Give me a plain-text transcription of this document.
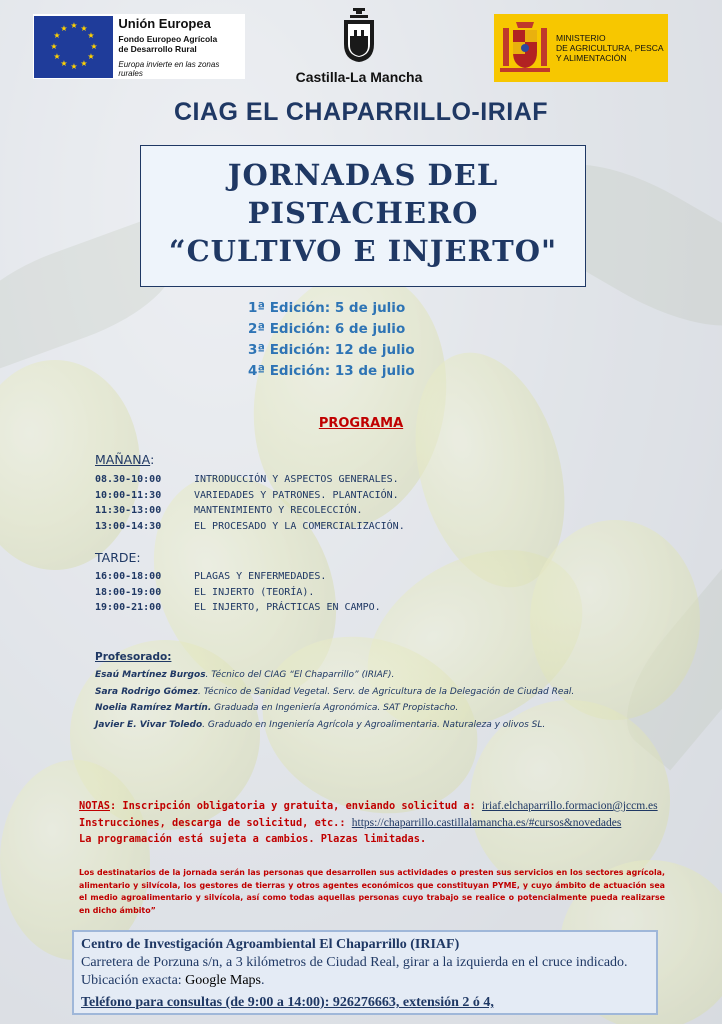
★ ★
★
★
★
★
★
★
★
★
★
★	Unión Europea
Fondo Europeo Agrícola
de Desarrollo Rural
Europa invierte en las zonas rurales	Castilla-La Mancha
MINISTERIO
DE AGRICULTURA, PESCA
Y ALIMENTACIÓN
CIAG EL CHAPARRILLO-IRIAF
JORNADAS DEL
PISTACHERO
“CULTIVO E INJERTO"
1ª Edición: 5 de julio
2ª Edición: 6 de julio
3ª Edición: 12 de julio
4ª Edición: 13 de julio
PROGRAMA
MAÑANA:
08.30-10:00	INTRODUCCIÓN Y ASPECTOS GENERALES.
10:00-11:30	VARIEDADES Y PATRONES. PLANTACIÓN.
11:30-13:00	MANTENIMIENTO Y RECOLECCIÓN.
13:00-14:30	EL PROCESADO Y LA COMERCIALIZACIÓN.
TARDE:
16:00-18:00	PLAGAS Y ENFERMEDADES.
18:00-19:00	EL INJERTO (TEORÍA).
19:00-21:00	EL INJERTO, PRÁCTICAS EN CAMPO.
Profesorado:
Esaú Martínez Burgos. Técnico del CIAG “El Chaparrillo” (IRIAF).
Sara Rodrigo Gómez. Técnico de Sanidad Vegetal. Serv. de Agricultura de la Delegación de Ciudad Real.
Noelia Ramírez Martín. Graduada en Ingeniería Agronómica. SAT Propistacho.
Javier E. Vivar Toledo. Graduado en Ingeniería Agrícola y Agroalimentaria. Naturaleza y olivos SL.
NOTAS: Inscripción obligatoria y gratuita, enviando solicitud a: iriaf.elchaparrillo.formacion@jccm.es
Instrucciones, descarga de solicitud, etc.: https://chaparrillo.castillalamancha.es/#cursos&novedades
La programación está sujeta a cambios. Plazas limitadas.
Los destinatarios de la jornada serán las personas que desarrollen sus actividades o presten sus servicios en los sectores agrícola, alimentario y silvícola, los gestores de tierras y otros agentes económicos que constituyan PYME, y cuyo ámbito de actuación sea el medio agroalimentario y silvícola, así como todas aquellas personas cuyo trabajo se realice o potencialmente pueda realizarse en dicho ámbito”
Centro de Investigación Agroambiental El Chaparrillo (IRIAF)
Carretera de Porzuna s/n, a 3 kilómetros de Ciudad Real, girar a la izquierda en el cruce indicado.
Ubicación exacta: Google Maps.
Teléfono para consultas (de 9:00 a 14:00): 926276663, extensión 2 ó 4,
